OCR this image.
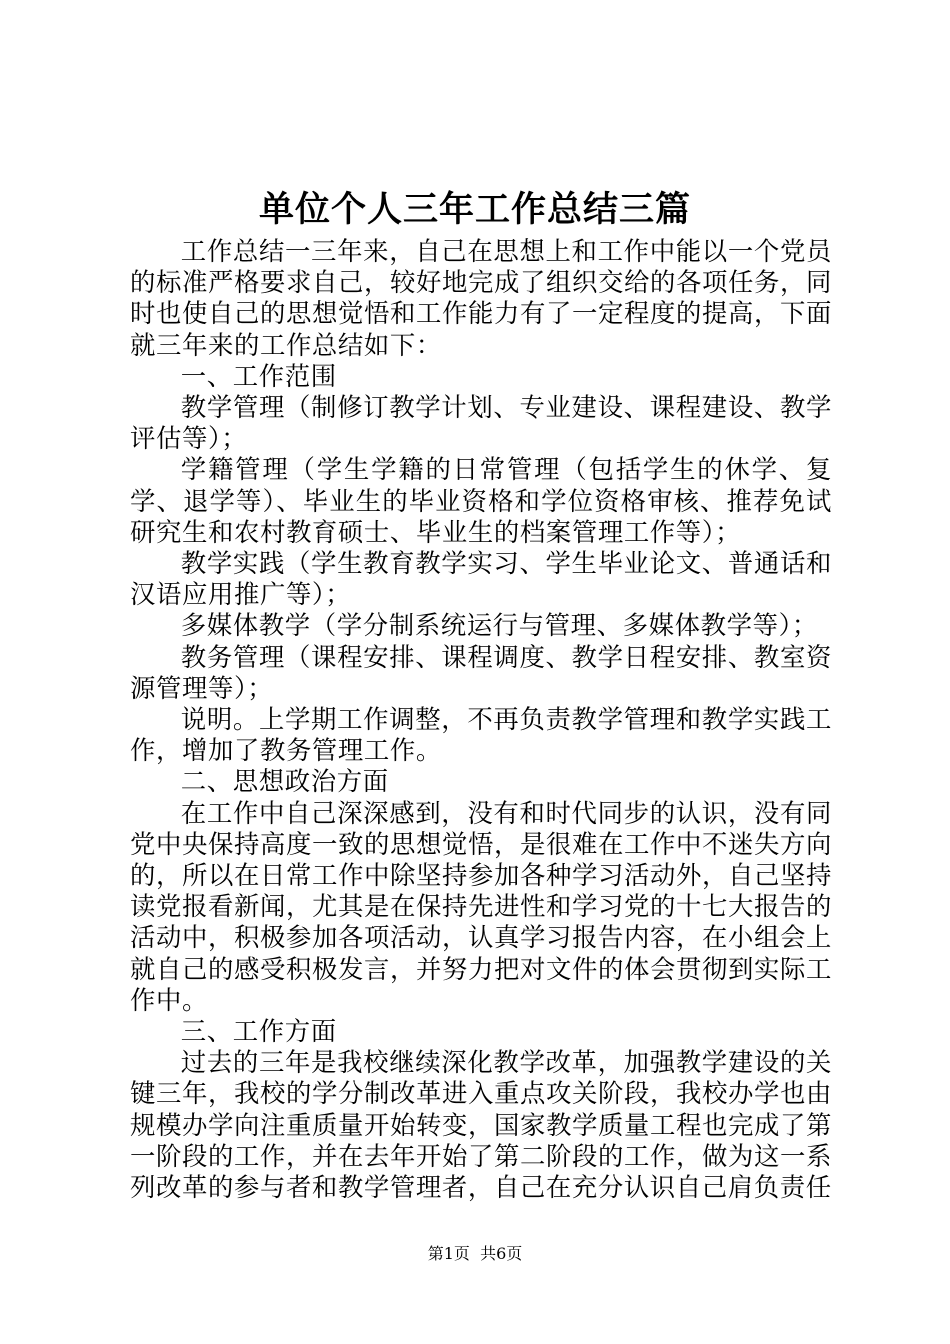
单位个人三年工作总结三篇

工作总结一三年来，自己在思想上和工作中能以一个党员的标准严格要求自己，较好地完成了组织交给的各项任务，同时也使自己的思想觉悟和工作能力有了一定程度的提高，下面就三年来的工作总结如下：

一、工作范围

教学管理（制修订教学计划、专业建设、课程建设、教学评估等）；

学籍管理（学生学籍的日常管理（包括学生的休学、复学、退学等）、毕业生的毕业资格和学位资格审核、推荐免试研究生和农村教育硕士、毕业生的档案管理工作等）；

教学实践（学生教育教学实习、学生毕业论文、普通话和汉语应用推广等）；

多媒体教学（学分制系统运行与管理、多媒体教学等）；

教务管理（课程安排、课程调度、教学日程安排、教室资源管理等）；

说明。上学期工作调整，不再负责教学管理和教学实践工作，增加了教务管理工作。

二、思想政治方面

在工作中自己深深感到，没有和时代同步的认识，没有同党中央保持高度一致的思想觉悟，是很难在工作中不迷失方向的，所以在日常工作中除坚持参加各种学习活动外，自己坚持读党报看新闻，尤其是在保持先进性和学习党的十七大报告的活动中，积极参加各项活动，认真学习报告内容，在小组会上就自己的感受积极发言，并努力把对文件的体会贯彻到实际工作中。

三、工作方面

过去的三年是我校继续深化教学改革，加强教学建设的关键三年，我校的学分制改革进入重点攻关阶段，我校办学也由规模办学向注重质量开始转变，国家教学质量工程也完成了第一阶段的工作，并在去年开始了第二阶段的工作，做为这一系列改革的参与者和教学管理者，自己在充分认识自己肩负责任

第1页 共6页
